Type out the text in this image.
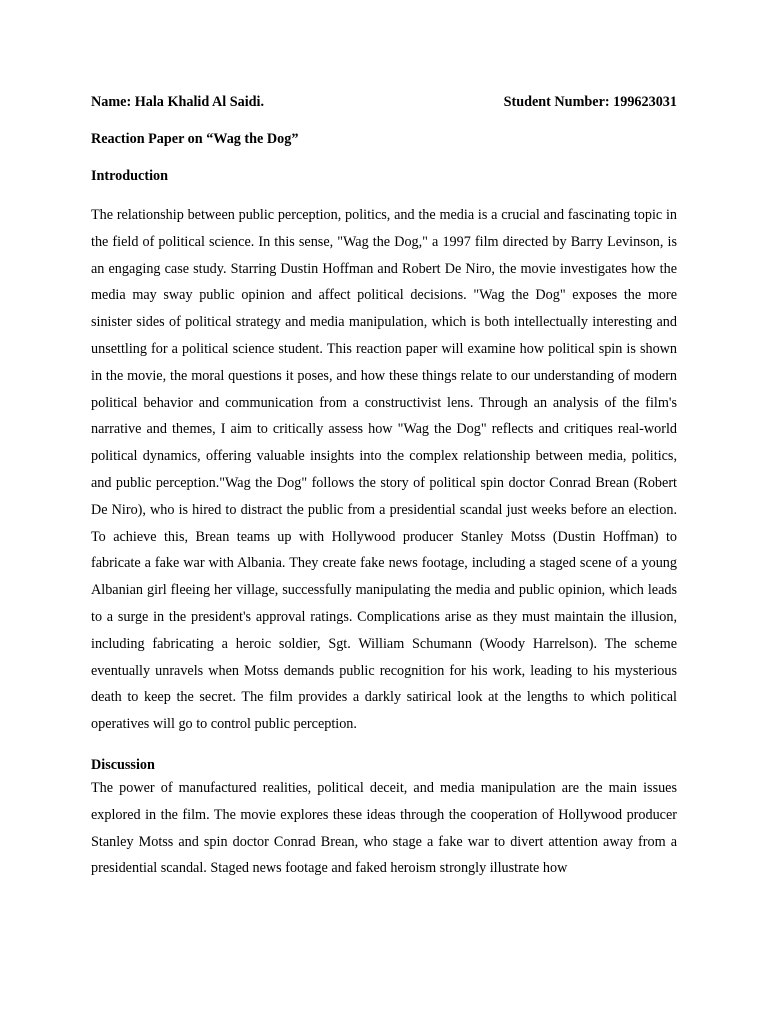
Name: Hala Khalid Al Saidi.	Student Number: 199623031
Reaction Paper on “Wag the Dog”
Introduction

The relationship between public perception, politics, and the media is a crucial and fascinating topic in the field of political science. In this sense, "Wag the Dog," a 1997 film directed by Barry Levinson, is an engaging case study. Starring Dustin Hoffman and Robert De Niro, the movie investigates how the media may sway public opinion and affect political decisions. "Wag the Dog" exposes the more sinister sides of political strategy and media manipulation, which is both intellectually interesting and unsettling for a political science student. This reaction paper will examine how political spin is shown in the movie, the moral questions it poses, and how these things relate to our understanding of modern political behavior and communication from a constructivist lens. Through an analysis of the film's narrative and themes, I aim to critically assess how "Wag the Dog" reflects and critiques real-world political dynamics, offering valuable insights into the complex relationship between media, politics, and public perception."Wag the Dog" follows the story of political spin doctor Conrad Brean (Robert De Niro), who is hired to distract the public from a presidential scandal just weeks before an election. To achieve this, Brean teams up with Hollywood producer Stanley Motss (Dustin Hoffman) to fabricate a fake war with Albania. They create fake news footage, including a staged scene of a young Albanian girl fleeing her village, successfully manipulating the media and public opinion, which leads to a surge in the president's approval ratings. Complications arise as they must maintain the illusion, including fabricating a heroic soldier, Sgt. William Schumann (Woody Harrelson). The scheme eventually unravels when Motss demands public recognition for his work, leading to his mysterious death to keep the secret. The film provides a darkly satirical look at the lengths to which political operatives will go to control public perception.

Discussion

The power of manufactured realities, political deceit, and media manipulation are the main issues explored in the film. The movie explores these ideas through the cooperation of Hollywood producer Stanley Motss and spin doctor Conrad Brean, who stage a fake war to divert attention away from a presidential scandal. Staged news footage and faked heroism strongly illustrate how
